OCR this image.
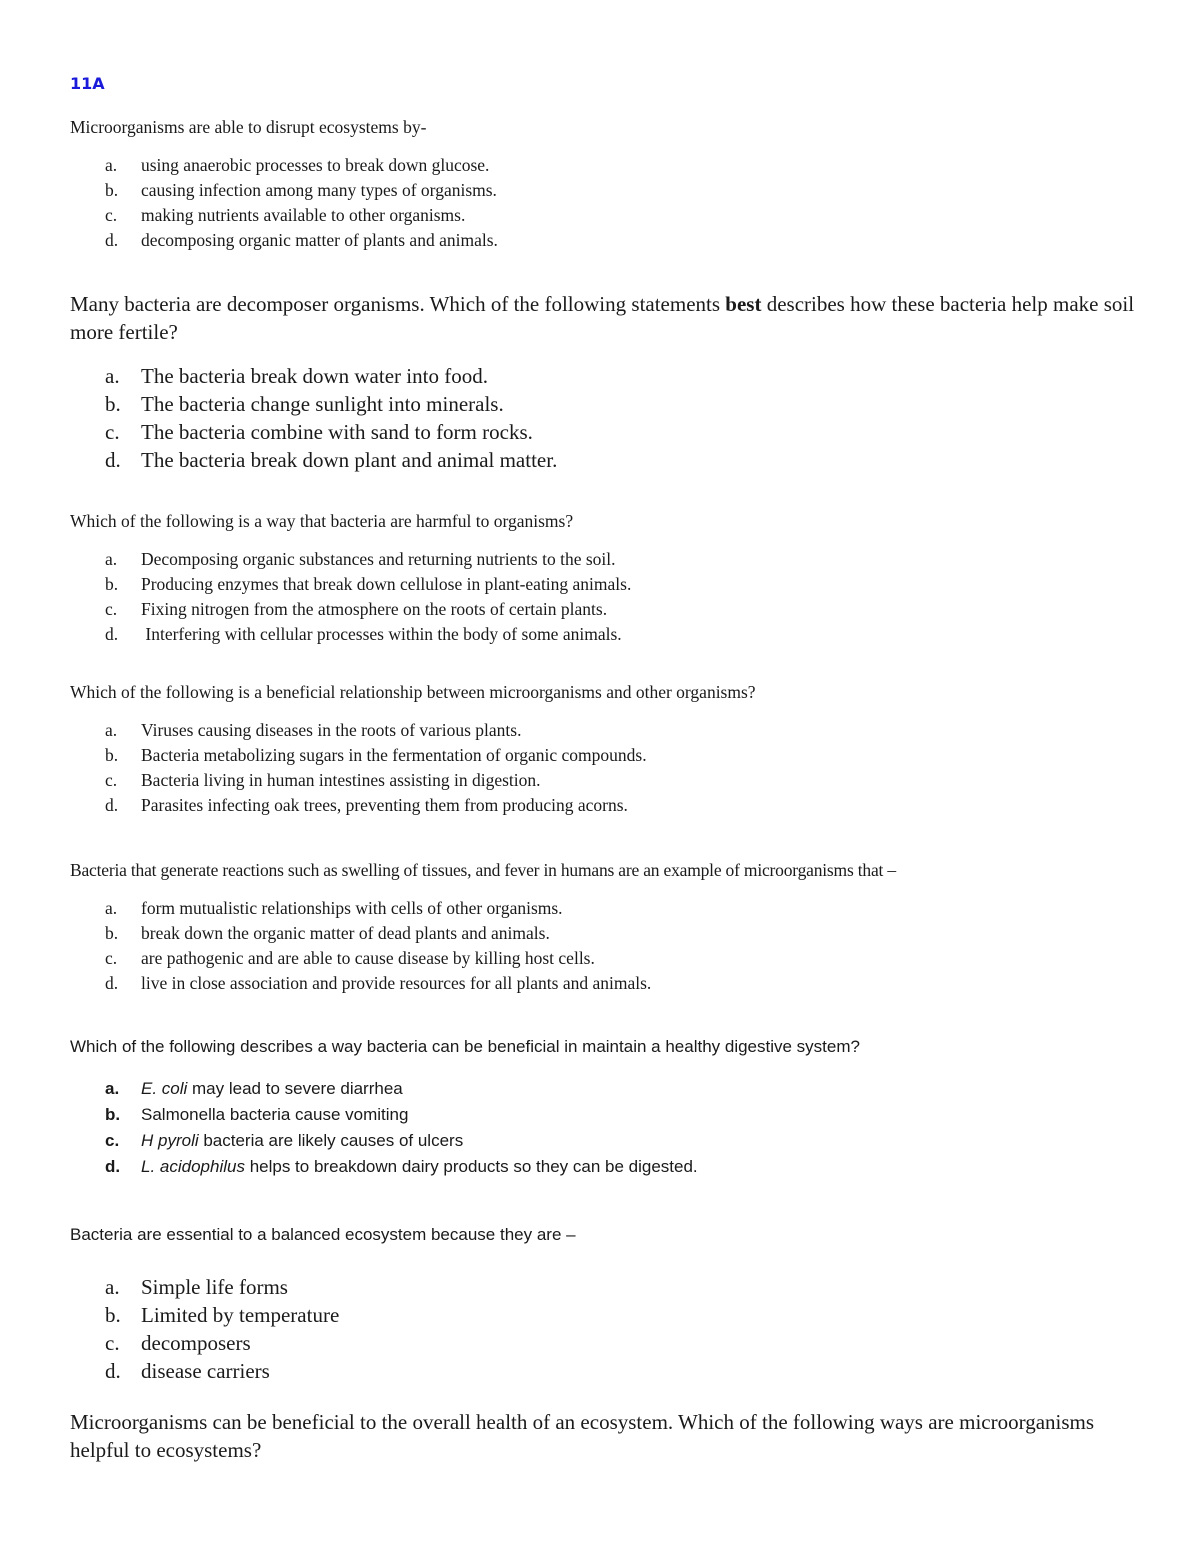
11A

Microorganisms are able to disrupt ecosystems by-

a. using anaerobic processes to break down glucose.
b. causing infection among many types of organisms.
c. making nutrients available to other organisms.
d. decomposing organic matter of plants and animals.

Many bacteria are decomposer organisms. Which of the following statements best describes how these bacteria help make soil more fertile?

a. The bacteria break down water into food.
b. The bacteria change sunlight into minerals.
c. The bacteria combine with sand to form rocks.
d. The bacteria break down plant and animal matter.

Which of the following is a way that bacteria are harmful to organisms?

a. Decomposing organic substances and returning nutrients to the soil.
b. Producing enzymes that break down cellulose in plant-eating animals.
c. Fixing nitrogen from the atmosphere on the roots of certain plants.
d. Interfering with cellular processes within the body of some animals.

Which of the following is a beneficial relationship between microorganisms and other organisms?

a. Viruses causing diseases in the roots of various plants.
b. Bacteria metabolizing sugars in the fermentation of organic compounds.
c. Bacteria living in human intestines assisting in digestion.
d. Parasites infecting oak trees, preventing them from producing acorns.

Bacteria that generate reactions such as swelling of tissues, and fever in humans are an example of microorganisms that –

a. form mutualistic relationships with cells of other organisms.
b. break down the organic matter of dead plants and animals.
c. are pathogenic and are able to cause disease by killing host cells.
d. live in close association and provide resources for all plants and animals.

Which of the following describes a way bacteria can be beneficial in maintain a healthy digestive system?

a. E. coli may lead to severe diarrhea
b. Salmonella bacteria cause vomiting
c. H pyroli bacteria are likely causes of ulcers
d. L. acidophilus helps to breakdown dairy products so they can be digested.

Bacteria are essential to a balanced ecosystem because they are –

a. Simple life forms
b. Limited by temperature
c. decomposers
d. disease carriers

Microorganisms can be beneficial to the overall health of an ecosystem. Which of the following ways are microorganisms helpful to ecosystems?
